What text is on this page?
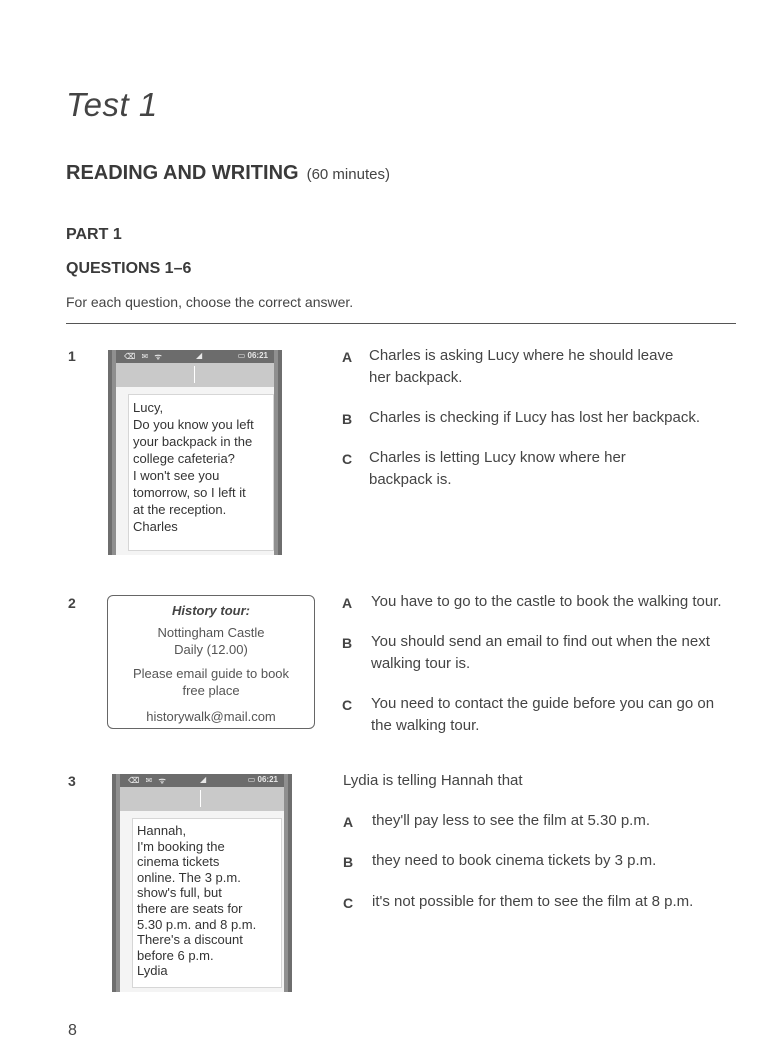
Test 1
READING AND WRITING (60 minutes)
PART 1
QUESTIONS 1–6
For each question, choose the correct answer.
1	⌫ ✉ ᯤ	◢	▭ 06:21
Lucy,
Do you know you left
your backpack in the
college cafeteria?
I won't see you
tomorrow, so I left it
at the reception.
Charles
A Charles is asking Lucy where he should leave
her backpack.
B Charles is checking if Lucy has lost her backpack.
C Charles is letting Lucy know where her
backpack is.
2	History tour:
Nottingham Castle
Daily (12.00)
Please email guide to book
free place
historywalk@mail.com
A You have to go to the castle to book the walking tour.
B You should send an email to find out when the next
walking tour is.
C You need to contact the guide before you can go on
the walking tour.
3	⌫ ✉ ᯤ	◢	▭ 06:21
Hannah,
I'm booking the
cinema tickets
online. The 3 p.m.
show's full, but
there are seats for
5.30 p.m. and 8 p.m.
There's a discount
before 6 p.m.
Lydia
Lydia is telling Hannah that
A they'll pay less to see the film at 5.30 p.m.
B they need to book cinema tickets by 3 p.m.
C it's not possible for them to see the film at 8 p.m.
8
